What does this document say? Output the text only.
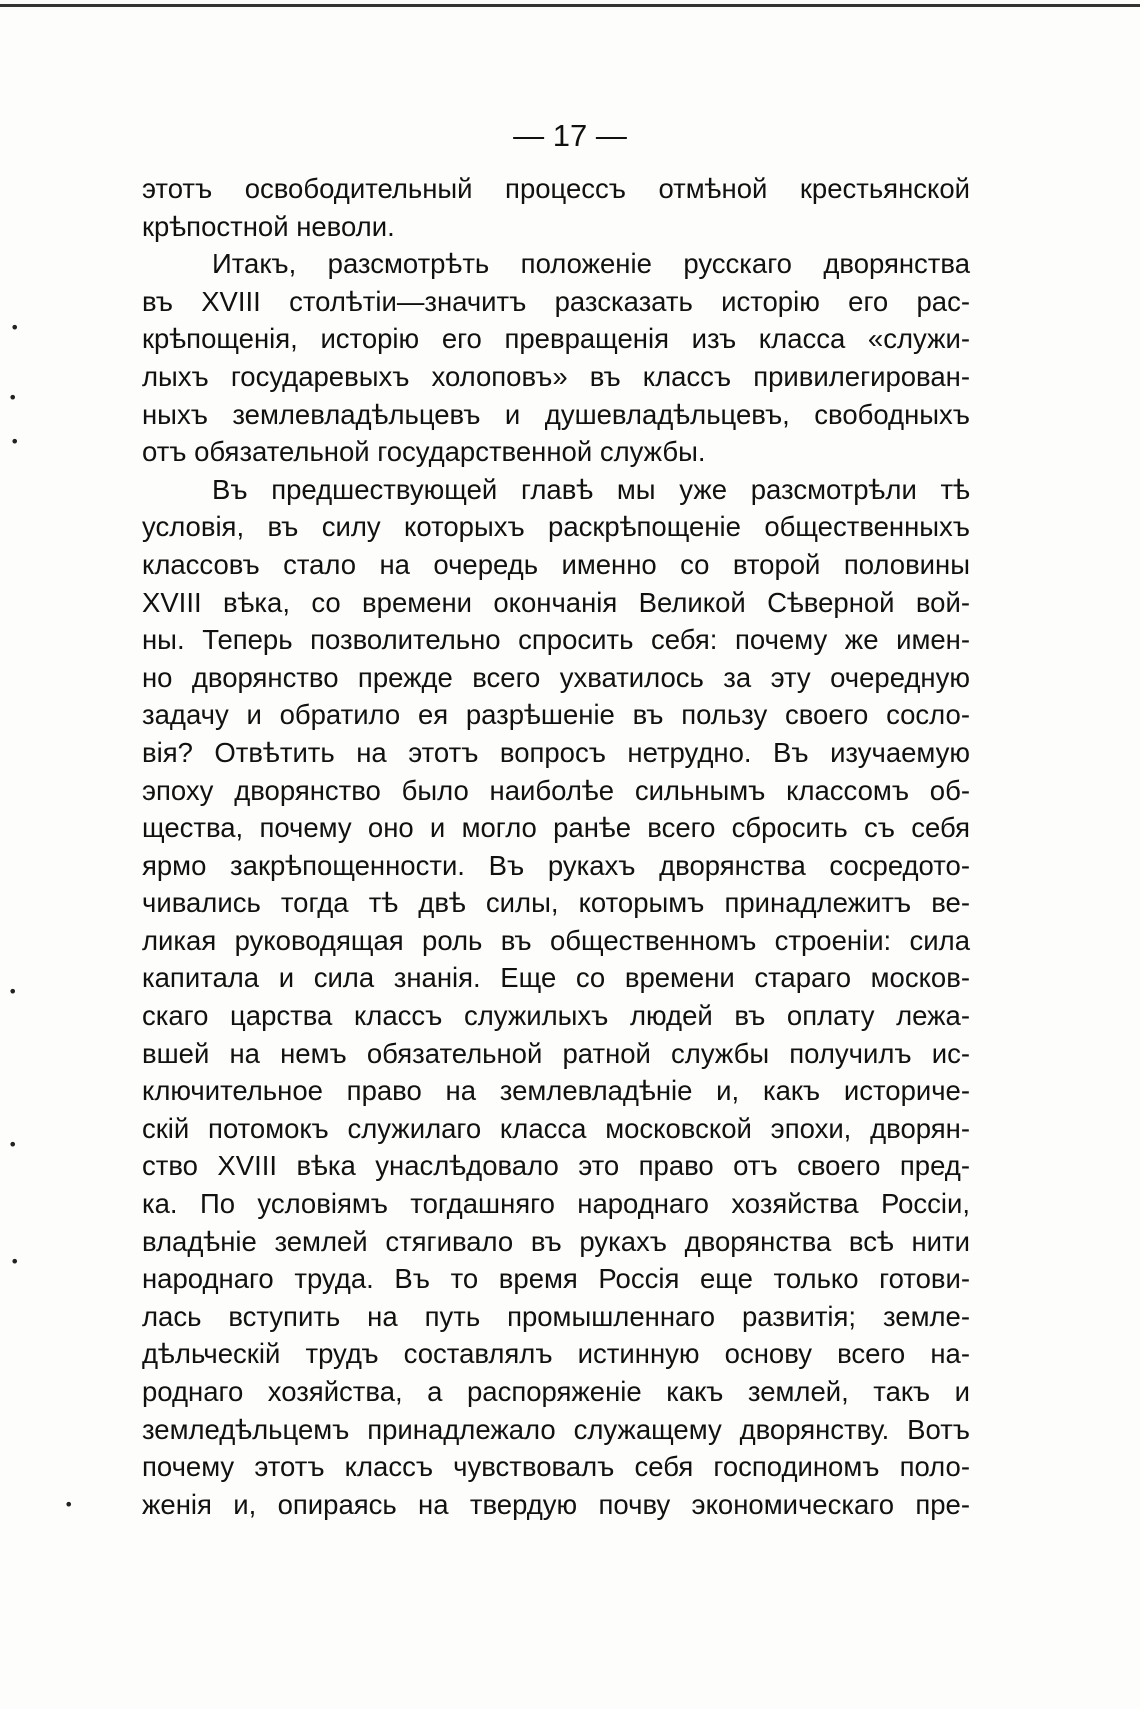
— 17 —
этотъ освободительный процессъ отмѣной крестьянской
крѣпостной неволи.
Итакъ, разсмотрѣть положеніе русскаго дворянства
въ XVIII столѣтіи—значитъ разсказать исторію его рас-
крѣпощенія, исторію его превращенія изъ класса «служи-
лыхъ государевыхъ холоповъ» въ классъ привилегирован-
ныхъ землевладѣльцевъ и душевладѣльцевъ, свободныхъ
отъ обязательной государственной службы.
Въ предшествующей главѣ мы уже разсмотрѣли тѣ
условія, въ силу которыхъ раскрѣпощеніе общественныхъ
классовъ стало на очередь именно со второй половины
XVIII вѣка, со времени окончанія Великой Сѣверной вой-
ны. Теперь позволительно спросить себя: почему же имен-
но дворянство прежде всего ухватилось за эту очередную
задачу и обратило ея разрѣшеніе въ пользу своего сосло-
вія? Отвѣтить на этотъ вопросъ нетрудно. Въ изучаемую
эпоху дворянство было наиболѣе сильнымъ классомъ об-
щества, почему оно и могло ранѣе всего сбросить съ себя
ярмо закрѣпощенности. Въ рукахъ дворянства сосредото-
чивались тогда тѣ двѣ силы, которымъ принадлежитъ ве-
ликая руководящая роль въ общественномъ строеніи: сила
капитала и сила знанія. Еще со времени стараго москов-
скаго царства классъ служилыхъ людей въ оплату лежа-
вшей на немъ обязательной ратной службы получилъ ис-
ключительное право на землевладѣніе и, какъ историче-
скій потомокъ служилаго класса московской эпохи, дворян-
ство XVIII вѣка унаслѣдовало это право отъ своего пред-
ка. По условіямъ тогдашняго народнаго хозяйства Россіи,
владѣніе землей стягивало въ рукахъ дворянства всѣ нити
народнаго труда. Въ то время Россія еще только готови-
лась вступить на путь промышленнаго развитія; земле-
дѣльческій трудъ составлялъ истинную основу всего на-
роднаго хозяйства, а распоряженіе какъ землей, такъ и
земледѣльцемъ принадлежало служащему дворянству. Вотъ
почему этотъ классъ чувствовалъ себя господиномъ поло-
женія и, опираясь на твердую почву экономическаго пре-
•
•
•
•
•
•
•
